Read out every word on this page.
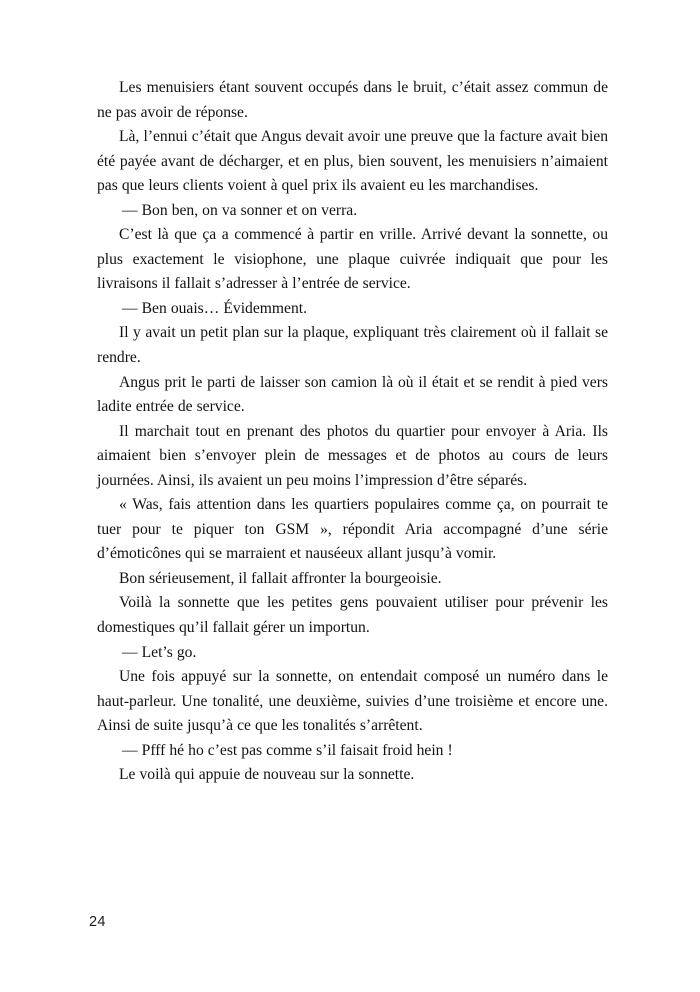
Les menuisiers étant souvent occupés dans le bruit, c’était assez commun de ne pas avoir de réponse.

Là, l’ennui c’était que Angus devait avoir une preuve que la facture avait bien été payée avant de décharger, et en plus, bien souvent, les menuisiers n’aimaient pas que leurs clients voient à quel prix ils avaient eu les marchandises.

— Bon ben, on va sonner et on verra.

C’est là que ça a commencé à partir en vrille. Arrivé devant la sonnette, ou plus exactement le visiophone, une plaque cuivrée indiquait que pour les livraisons il fallait s’adresser à l’entrée de service.

— Ben ouais… Évidemment.

Il y avait un petit plan sur la plaque, expliquant très clairement où il fallait se rendre.

Angus prit le parti de laisser son camion là où il était et se rendit à pied vers ladite entrée de service.

Il marchait tout en prenant des photos du quartier pour envoyer à Aria. Ils aimaient bien s’envoyer plein de messages et de photos au cours de leurs journées. Ainsi, ils avaient un peu moins l’impression d’être séparés.

« Was, fais attention dans les quartiers populaires comme ça, on pourrait te tuer pour te piquer ton GSM », répondit Aria accompagné d’une série d’émoticônes qui se marraient et nauséeux allant jusqu’à vomir.

Bon sérieusement, il fallait affronter la bourgeoisie.

Voilà la sonnette que les petites gens pouvaient utiliser pour prévenir les domestiques qu’il fallait gérer un importun.

— Let’s go.

Une fois appuyé sur la sonnette, on entendait composé un numéro dans le haut-parleur. Une tonalité, une deuxième, suivies d’une troisième et encore une. Ainsi de suite jusqu’à ce que les tonalités s’arrêtent.

— Pfff hé ho c’est pas comme s’il faisait froid hein !

Le voilà qui appuie de nouveau sur la sonnette.

24
